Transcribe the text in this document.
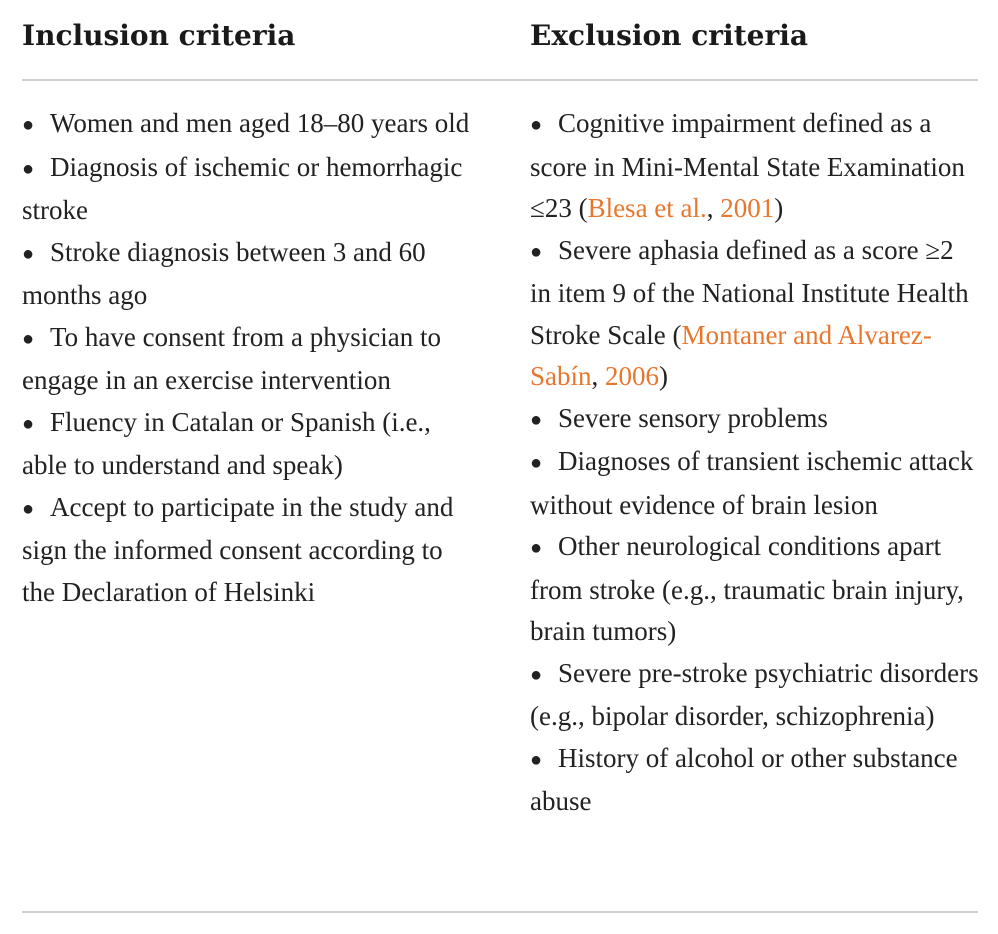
Inclusion criteria	Exclusion criteria

● Women and men aged 18–80 years old

● Diagnosis of ischemic or hemorrhagic stroke

● Stroke diagnosis between 3 and 60 months ago

● To have consent from a physician to engage in an exercise intervention

● Fluency in Catalan or Spanish (i.e., able to understand and speak)

● Accept to participate in the study and sign the informed consent according to the Declaration of Helsinki

● Cognitive impairment defined as a score in Mini-Mental State Examination ≤23 (Blesa et al., 2001)

● Severe aphasia defined as a score ≥2 in item 9 of the National Institute Health Stroke Scale (Montaner and Alvarez-Sabín, 2006)

● Severe sensory problems

● Diagnoses of transient ischemic attack without evidence of brain lesion

● Other neurological conditions apart from stroke (e.g., traumatic brain injury, brain tumors)

● Severe pre-stroke psychiatric disorders (e.g., bipolar disorder, schizophrenia)

● History of alcohol or other substance abuse
